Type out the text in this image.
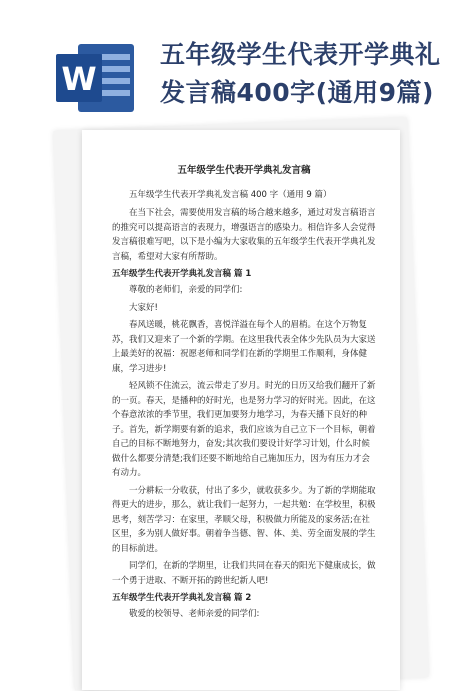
W
五年级学生代表开学典礼发言稿400字(通用9篇)
五年级学生代表开学典礼发言稿

五年级学生代表开学典礼发言稿 400 字（通用 9 篇）

在当下社会，需要使用发言稿的场合越来越多，通过对发言稿语言的推究可以提高语言的表现力，增强语言的感染力。相信许多人会觉得发言稿很难写吧，以下是小编为大家收集的五年级学生代表开学典礼发言稿，希望对大家有所帮助。

五年级学生代表开学典礼发言稿 篇 1

尊敬的老师们，亲爱的同学们:

大家好!

春风送暖，桃花飘香，喜悦洋溢在每个人的眉梢。在这个万物复苏，我们又迎来了一个新的学期。在这里我代表全体少先队员为大家送上最美好的祝福：祝愿老师和同学们在新的学期里工作顺利，身体健康，学习进步!

轻风锁不住流云，流云带走了岁月。时光的日历又给我们翻开了新的一页。春天，是播种的好时光，也是努力学习的好时光。因此，在这个春意浓浓的季节里，我们更加要努力地学习，为春天播下良好的种子。首先，新学期要有新的追求，我们应该为自己立下一个目标，朝着自己的目标不断地努力，奋发;其次我们要设计好学习计划，什么时候做什么都要分清楚;我们还要不断地给自己施加压力，因为有压力才会有动力。

一分耕耘一分收获，付出了多少，就收获多少。为了新的学期能取得更大的进步，那么，就让我们一起努力，一起共勉：在学校里，积极思考，刻苦学习：在家里，孝顺父母，积极做力所能及的家务活;在社区里，多为别人做好事。朝着争当德、智、体、美、劳全面发展的学生的目标前进。

同学们，在新的学期里，让我们共同在春天的阳光下健康成长，做一个勇于进取、不断开拓的跨世纪新人吧!

五年级学生代表开学典礼发言稿 篇 2

敬爱的校领导、老师亲爱的同学们:
